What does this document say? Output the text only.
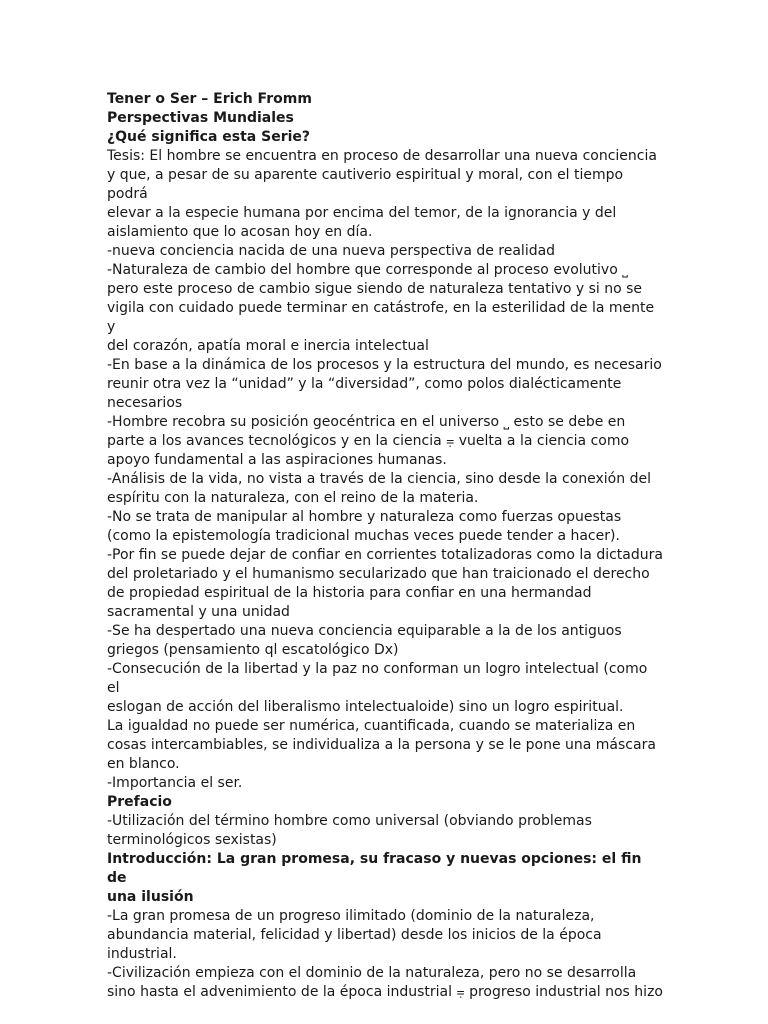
Tener o Ser – Erich Fromm

Perspectivas Mundiales

¿Qué significa esta Serie?

Tesis: El hombre se encuentra en proceso de desarrollar una nueva conciencia
y que, a pesar de su aparente cautiverio espiritual y moral, con el tiempo podrá
elevar a la especie humana por encima del temor, de la ignorancia y del
aislamiento que lo acosan hoy en día.

-nueva conciencia nacida de una nueva perspectiva de realidad

-Naturaleza de cambio del hombre que corresponde al proceso evolutivo ⎵
pero este proceso de cambio sigue siendo de naturaleza tentativo y si no se
vigila con cuidado puede terminar en catástrofe, en la esterilidad de la mente y
del corazón, apatía moral e inercia intelectual

-En base a la dinámica de los procesos y la estructura del mundo, es necesario
reunir otra vez la “unidad” y la “diversidad”, como polos dialécticamente
necesarios

-Hombre recobra su posición geocéntrica en el universo ⎵ esto se debe en
parte a los avances tecnológicos y en la ciencia ⩦ vuelta a la ciencia como
apoyo fundamental a las aspiraciones humanas.

-Análisis de la vida, no vista a través de la ciencia, sino desde la conexión del
espíritu con la naturaleza, con el reino de la materia.

-No se trata de manipular al hombre y naturaleza como fuerzas opuestas
(como la epistemología tradicional muchas veces puede tender a hacer).

-Por fin se puede dejar de confiar en corrientes totalizadoras como la dictadura
del proletariado y el humanismo secularizado que han traicionado el derecho
de propiedad espiritual de la historia para confiar en una hermandad
sacramental y una unidad

-Se ha despertado una nueva conciencia equiparable a la de los antiguos
griegos (pensamiento ql escatológico Dx)

-Consecución de la libertad y la paz no conforman un logro intelectual (como el
eslogan de acción del liberalismo intelectualoide) sino un logro espiritual.

La igualdad no puede ser numérica, cuantificada, cuando se materializa en
cosas intercambiables, se individualiza a la persona y se le pone una máscara
en blanco.

-Importancia el ser.

Prefacio

-Utilización del término hombre como universal (obviando problemas
terminológicos sexistas)

Introducción: La gran promesa, su fracaso y nuevas opciones: el fin de
una ilusión

-La gran promesa de un progreso ilimitado (dominio de la naturaleza,
abundancia material, felicidad y libertad) desde los inicios de la época
industrial.

-Civilización empieza con el dominio de la naturaleza, pero no se desarrolla
sino hasta el advenimiento de la época industrial ⩦ progreso industrial nos hizo
